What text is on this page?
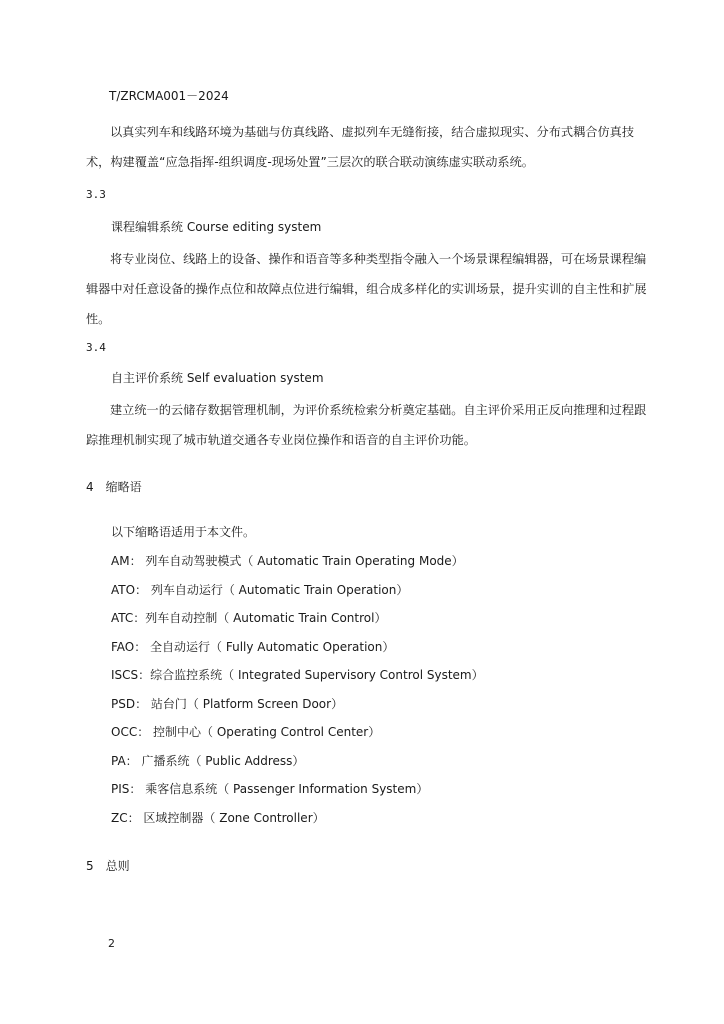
T/ZRCMA001－2024
以真实列车和线路环境为基础与仿真线路、虚拟列车无缝衔接，结合虚拟现实、分布式耦合仿真技术，构建覆盖“应急指挥-组织调度-现场处置”三层次的联合联动演练虚实联动系统。
3.3
课程编辑系统 Course editing system
将专业岗位、线路上的设备、操作和语音等多种类型指令融入一个场景课程编辑器，可在场景课程编辑器中对任意设备的操作点位和故障点位进行编辑，组合成多样化的实训场景，提升实训的自主性和扩展性。
3.4
自主评价系统 Self evaluation system
建立统一的云储存数据管理机制，为评价系统检索分析奠定基础。自主评价采用正反向推理和过程跟踪推理机制实现了城市轨道交通各专业岗位操作和语音的自主评价功能。
4　缩略语
以下缩略语适用于本文件。
AM： 列车自动驾驶模式（ Automatic Train Operating Mode）
ATO： 列车自动运行（ Automatic Train Operation）
ATC：列车自动控制（ Automatic Train Control）
FAO： 全自动运行（ Fully Automatic Operation）
ISCS：综合监控系统（ Integrated Supervisory Control System）
PSD： 站台门（ Platform Screen Door）
OCC： 控制中心（ Operating Control Center）
PA： 广播系统（ Public Address）
PIS： 乘客信息系统（ Passenger Information System）
ZC： 区域控制器（ Zone Controller）
5　总则
2
